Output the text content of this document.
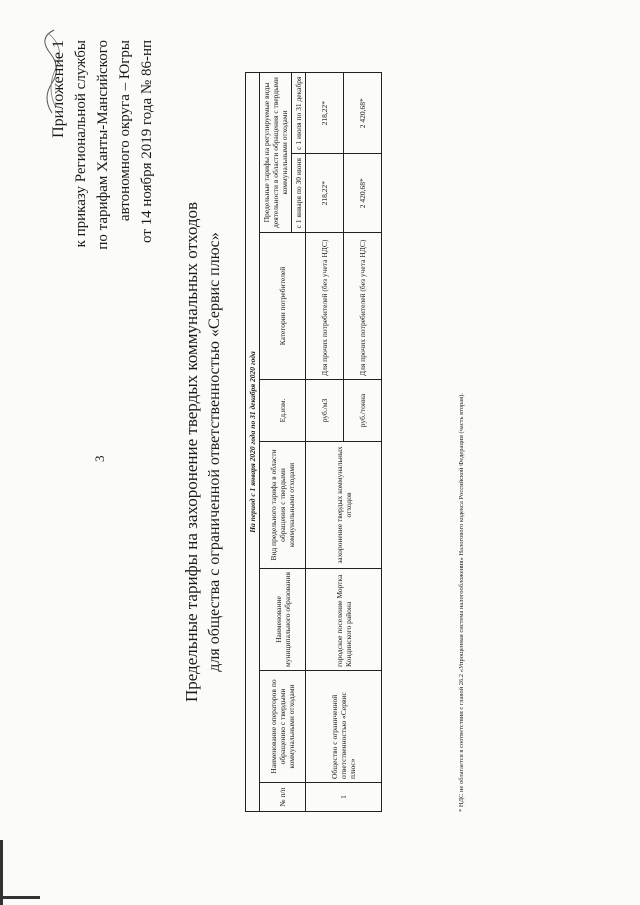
3
Приложение 1 к приказу Региональной службы по тарифам Ханты-Мансийского автономного округа – Югры от 14 ноября 2019 года № 86-нп
Предельные тарифы на захоронение твердых коммунальных отходов для общества с ограниченной ответственностью «Сервис плюс»	На период с 1 января 2020 года по 31 декабря 2020 года							
№ п/п	Наименование операторов по обращению с твердыми коммунальными отходами	Наименование муниципального образования	Вид предельного тарифа в области обращения с твердыми коммунальными отходами	Ед.изм.	Категории потребителей	Предельные тарифы на регулируемые виды деятельности в области обращения с твердыми коммунальными отходами	
						с 1 января по 30 июня	с 1 июля по 31 декабря
1	Общество с ограниченной ответственностью «Сервис плюс»	городское поселение Мортка Кондинского района	захоронение твердых коммунальных отходов	руб./м3	Для прочих потребителей (без учета НДС)	218,22*	218,22*
				руб./тонна	Для прочих потребителей (без учета НДС)	2 420,68*	2 420,68*
* НДС не облагается в соответствии с главой 26.2 «Упрощенная система налогообложения» Налогового кодекса Российской Федерации (часть вторая).
